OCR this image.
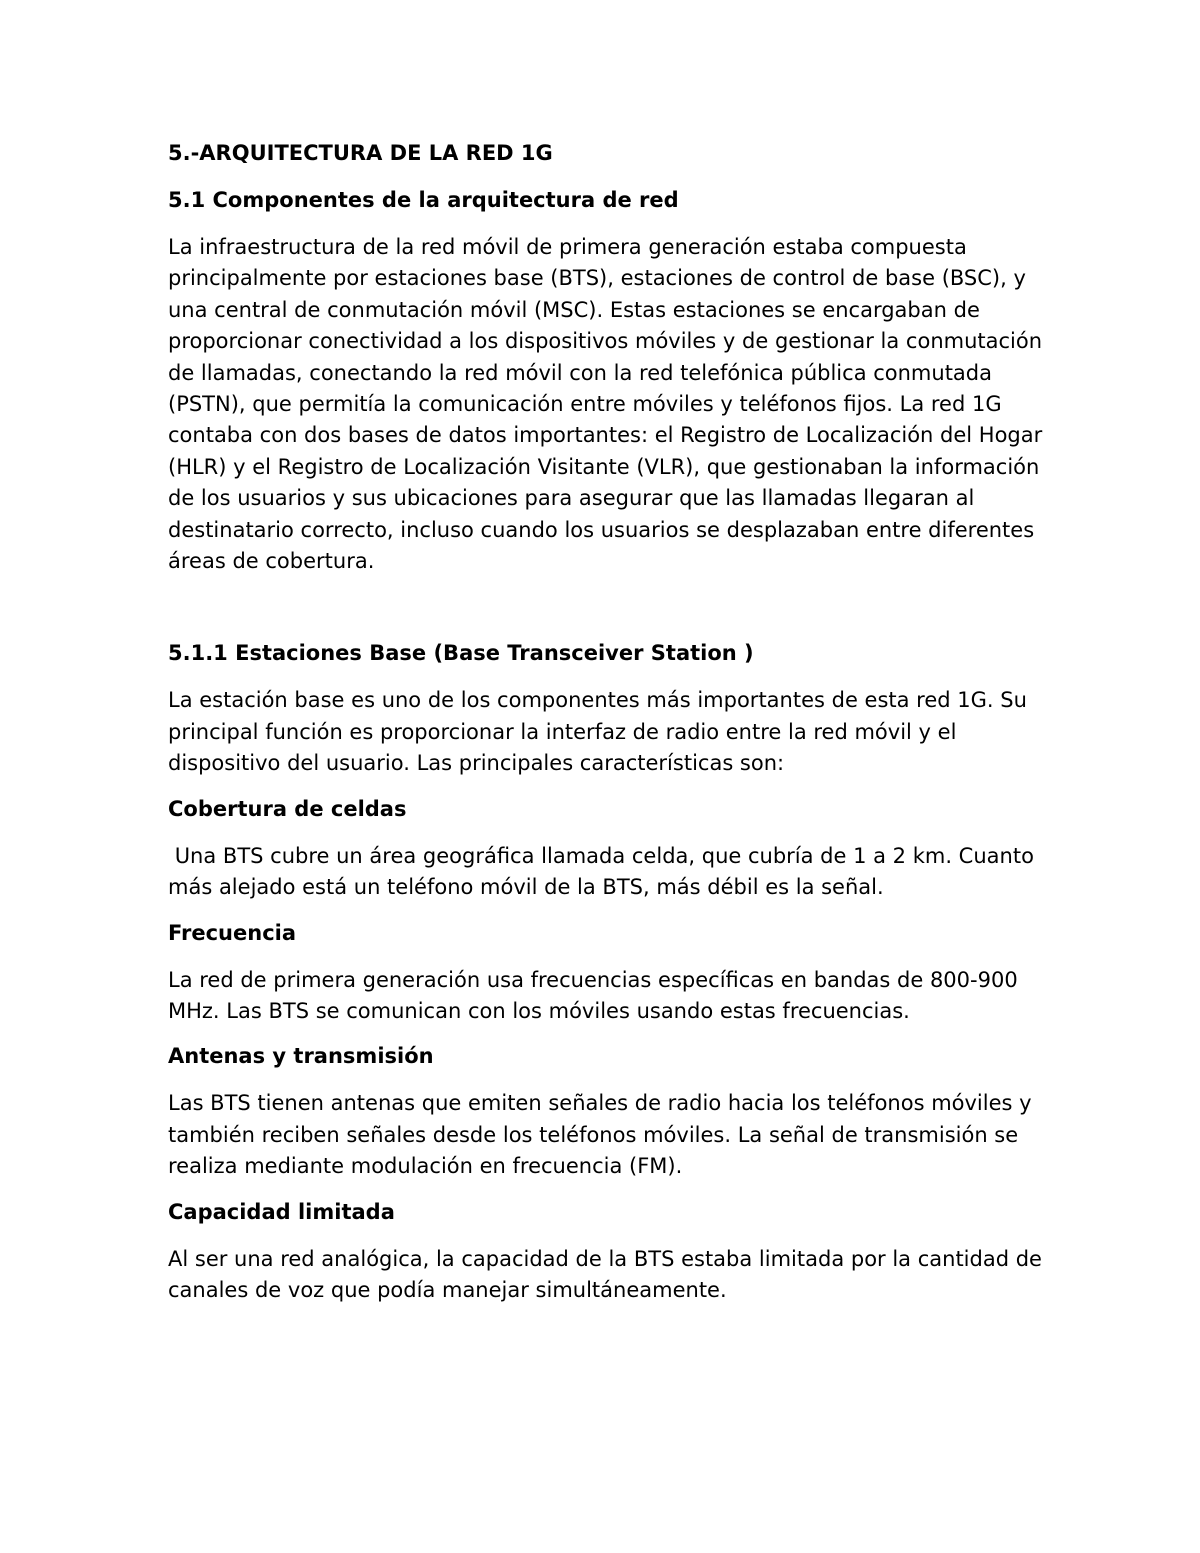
5.-ARQUITECTURA DE LA RED 1G
5.1 Componentes de la arquitectura de red
La infraestructura de la red móvil de primera generación estaba compuesta principalmente por estaciones base (BTS), estaciones de control de base (BSC), y una central de conmutación móvil (MSC). Estas estaciones se encargaban de proporcionar conectividad a los dispositivos móviles y de gestionar la conmutación de llamadas, conectando la red móvil con la red telefónica pública conmutada (PSTN), que permitía la comunicación entre móviles y teléfonos fijos. La red 1G contaba con dos bases de datos importantes: el Registro de Localización del Hogar (HLR) y el Registro de Localización Visitante (VLR), que gestionaban la información de los usuarios y sus ubicaciones para asegurar que las llamadas llegaran al destinatario correcto, incluso cuando los usuarios se desplazaban entre diferentes áreas de cobertura.
5.1.1 Estaciones Base (Base Transceiver Station )
La estación base es uno de los componentes más importantes de esta red 1G. Su principal función es proporcionar la interfaz de radio entre la red móvil y el dispositivo del usuario. Las principales características son:
Cobertura de celdas
Una BTS cubre un área geográfica llamada celda, que cubría de 1 a 2 km. Cuanto más alejado está un teléfono móvil de la BTS, más débil es la señal.
Frecuencia
La red de primera generación usa frecuencias específicas en bandas de 800-900 MHz. Las BTS se comunican con los móviles usando estas frecuencias.
Antenas y transmisión
Las BTS tienen antenas que emiten señales de radio hacia los teléfonos móviles y también reciben señales desde los teléfonos móviles. La señal de transmisión se realiza mediante modulación en frecuencia (FM).
Capacidad limitada
Al ser una red analógica, la capacidad de la BTS estaba limitada por la cantidad de canales de voz que podía manejar simultáneamente.
